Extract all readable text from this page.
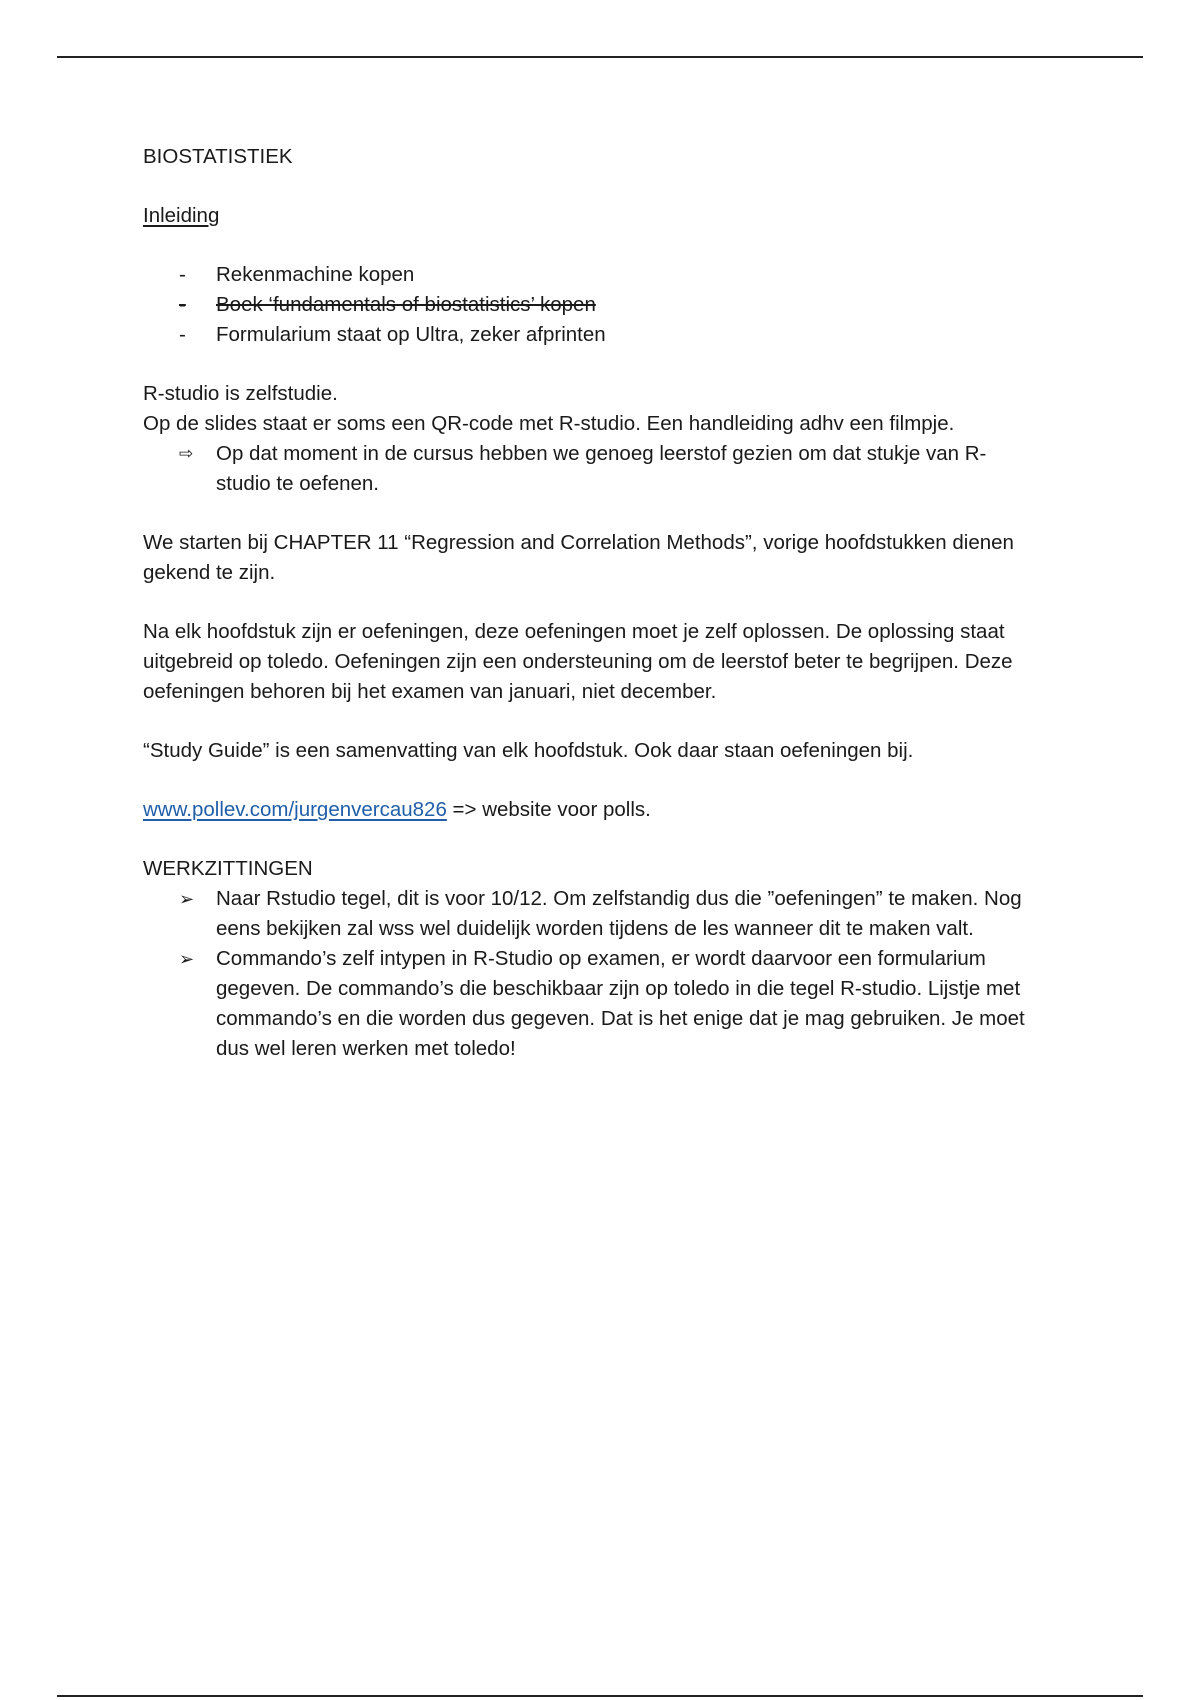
BIOSTATISTIEK

Inleiding

-	Rekenmachine kopen
-	Boek ‘fundamentals of biostatistics’ kopen
-	Formularium staat op Ultra, zeker afprinten

R-studio is zelfstudie.

Op de slides staat er soms een QR-code met R-studio. Een handleiding adhv een filmpje.

⇨	Op dat moment in de cursus hebben we genoeg leerstof gezien om dat stukje van R-studio te oefenen.

We starten bij CHAPTER 11 “Regression and Correlation Methods”, vorige hoofdstukken dienen gekend te zijn.

Na elk hoofdstuk zijn er oefeningen, deze oefeningen moet je zelf oplossen. De oplossing staat uitgebreid op toledo. Oefeningen zijn een ondersteuning om de leerstof beter te begrijpen. Deze oefeningen behoren bij het examen van januari, niet december.

“Study Guide” is een samenvatting van elk hoofdstuk. Ook daar staan oefeningen bij.

www.pollev.com/jurgenvercau826 => website voor polls.

WERKZITTINGEN

➢	Naar Rstudio tegel, dit is voor 10/12. Om zelfstandig dus die ”oefeningen” te maken. Nog eens bekijken zal wss wel duidelijk worden tijdens de les wanneer dit te maken valt.
➢	Commando’s zelf intypen in R-Studio op examen, er wordt daarvoor een formularium gegeven. De commando’s die beschikbaar zijn op toledo in die tegel R-studio. Lijstje met commando’s en die worden dus gegeven. Dat is het enige dat je mag gebruiken. Je moet dus wel leren werken met toledo!
